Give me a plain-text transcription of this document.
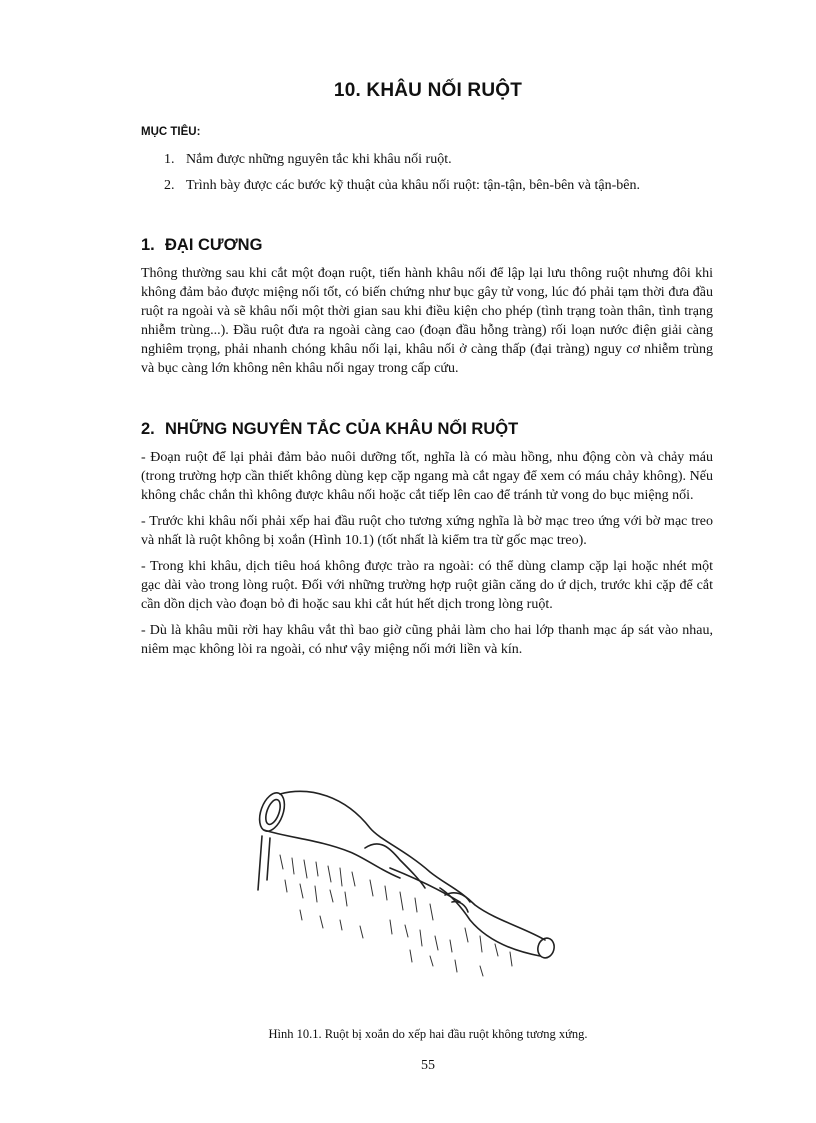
10. KHÂU NỐI RUỘT
MỤC TIÊU:
1. Nắm được những nguyên tắc khi khâu nối ruột.
2. Trình bày được các bước kỹ thuật của khâu nối ruột: tận-tận, bên-bên và tận-bên.
1. ĐẠI CƯƠNG
Thông thường sau khi cắt một đoạn ruột, tiến hành khâu nối để lập lại lưu thông ruột nhưng đôi khi không đảm bảo được miệng nối tốt, có biến chứng như bục gây tử vong, lúc đó phải tạm thời đưa đầu ruột ra ngoài và sẽ khâu nối một thời gian sau khi điều kiện cho phép (tình trạng toàn thân, tình trạng nhiễm trùng...). Đầu ruột đưa ra ngoài càng cao (đoạn đầu hỗng tràng) rối loạn nước điện giải càng nghiêm trọng, phải nhanh chóng khâu nối lại, khâu nối ở càng thấp (đại tràng) nguy cơ nhiễm trùng và bục càng lớn không nên khâu nối ngay trong cấp cứu.
2. NHỮNG NGUYÊN TẮC CỦA KHÂU NỐI RUỘT

- Đoạn ruột để lại phải đảm bảo nuôi dưỡng tốt, nghĩa là có màu hồng, nhu động còn và chảy máu (trong trường hợp cần thiết không dùng kẹp cặp ngang mà cắt ngay để xem có máu chảy không). Nếu không chắc chắn thì không được khâu nối hoặc cắt tiếp lên cao để tránh tử vong do bục miệng nối.

- Trước khi khâu nối phải xếp hai đầu ruột cho tương xứng nghĩa là bờ mạc treo ứng với bờ mạc treo và nhất là ruột không bị xoắn (Hình 10.1) (tốt nhất là kiểm tra từ gốc mạc treo).

- Trong khi khâu, dịch tiêu hoá không được trào ra ngoài: có thể dùng clamp cặp lại hoặc nhét một gạc dài vào trong lòng ruột. Đối với những trường hợp ruột giãn căng do ứ dịch, trước khi cặp để cắt cần dồn dịch vào đoạn bỏ đi hoặc sau khi cắt hút hết dịch trong lòng ruột.

- Dù là khâu mũi rời hay khâu vắt thì bao giờ cũng phải làm cho hai lớp thanh mạc áp sát vào nhau, niêm mạc không lòi ra ngoài, có như vậy miệng nối mới liền và kín.

Hình 10.1. Ruột bị xoắn do xếp hai đầu ruột không tương xứng.
55
